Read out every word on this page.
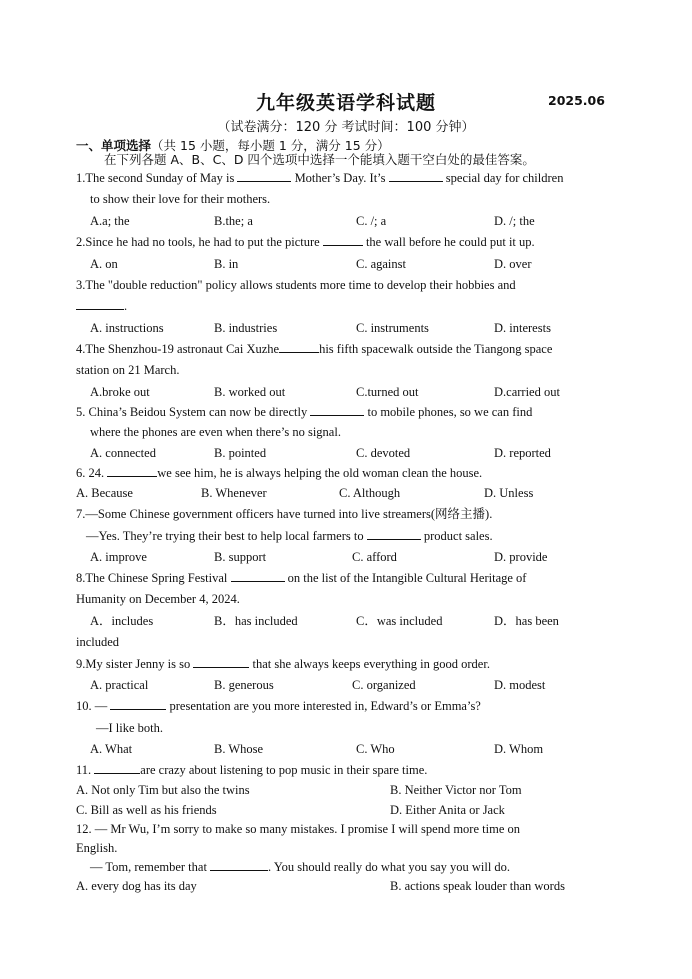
九年级英语学科试题	2025.06
（试卷满分：120 分 考试时间：100 分钟）
一、单项选择（共 15 小题，每小题 1 分，满分 15 分）
在下列各题 A、B、C、D 四个选项中选择一个能填入题干空白处的最佳答案。
1.The second Sunday of May is	Mother’s Day. It’s	special day for children
to show their love for their mothers.
A.a; the	B.the; a	C. /; a	D. /; the
2.Since he had no tools, he had to put the picture	the wall before he could put it up.
A. on	B. in	C. against	D. over
3.The "double reduction" policy allows students more time to develop their hobbies and
.
A. instructions	B. industries	C. instruments	D. interests
4.The Shenzhou-19 astronaut Cai Xuzhe	his fifth spacewalk outside the Tiangong space
station on 21 March.
A.broke out	B. worked out	C.turned out	D.carried out
5. China’s Beidou System can now be directly	to mobile phones, so we can find
where the phones are even when there’s no signal.
A. connected	B. pointed	C. devoted	D. reported
6. 24.	we see him, he is always helping the old woman clean the house.
A. Because	B. Whenever	C. Although	D. Unless
7.—Some Chinese government officers have turned into live streamers(网络主播).
—Yes. They’re trying their best to help local farmers to	product sales.
A. improve	B. support	C. afford	D. provide
8.The Chinese Spring Festival	on the list of the Intangible Cultural Heritage of
Humanity on December 4, 2024.
A．includes	B．has included	C．was included	D．has been
included
9.My sister Jenny is so	that she always keeps everything in good order.
A. practical	B. generous	C. organized	D. modest
10. —	presentation are you more interested in, Edward’s or Emma’s?
—I like both.
A. What	B. Whose	C. Who	D. Whom
11.	are crazy about listening to pop music in their spare time.
A. Not only Tim but also the twins	B. Neither Victor nor Tom
C. Bill as well as his friends	D. Either Anita or Jack
12. — Mr Wu, I’m sorry to make so many mistakes. I promise I will spend more time on
English.
— Tom, remember that	. You should really do what you say you will do.
A. every dog has its day	B. actions speak louder than words
